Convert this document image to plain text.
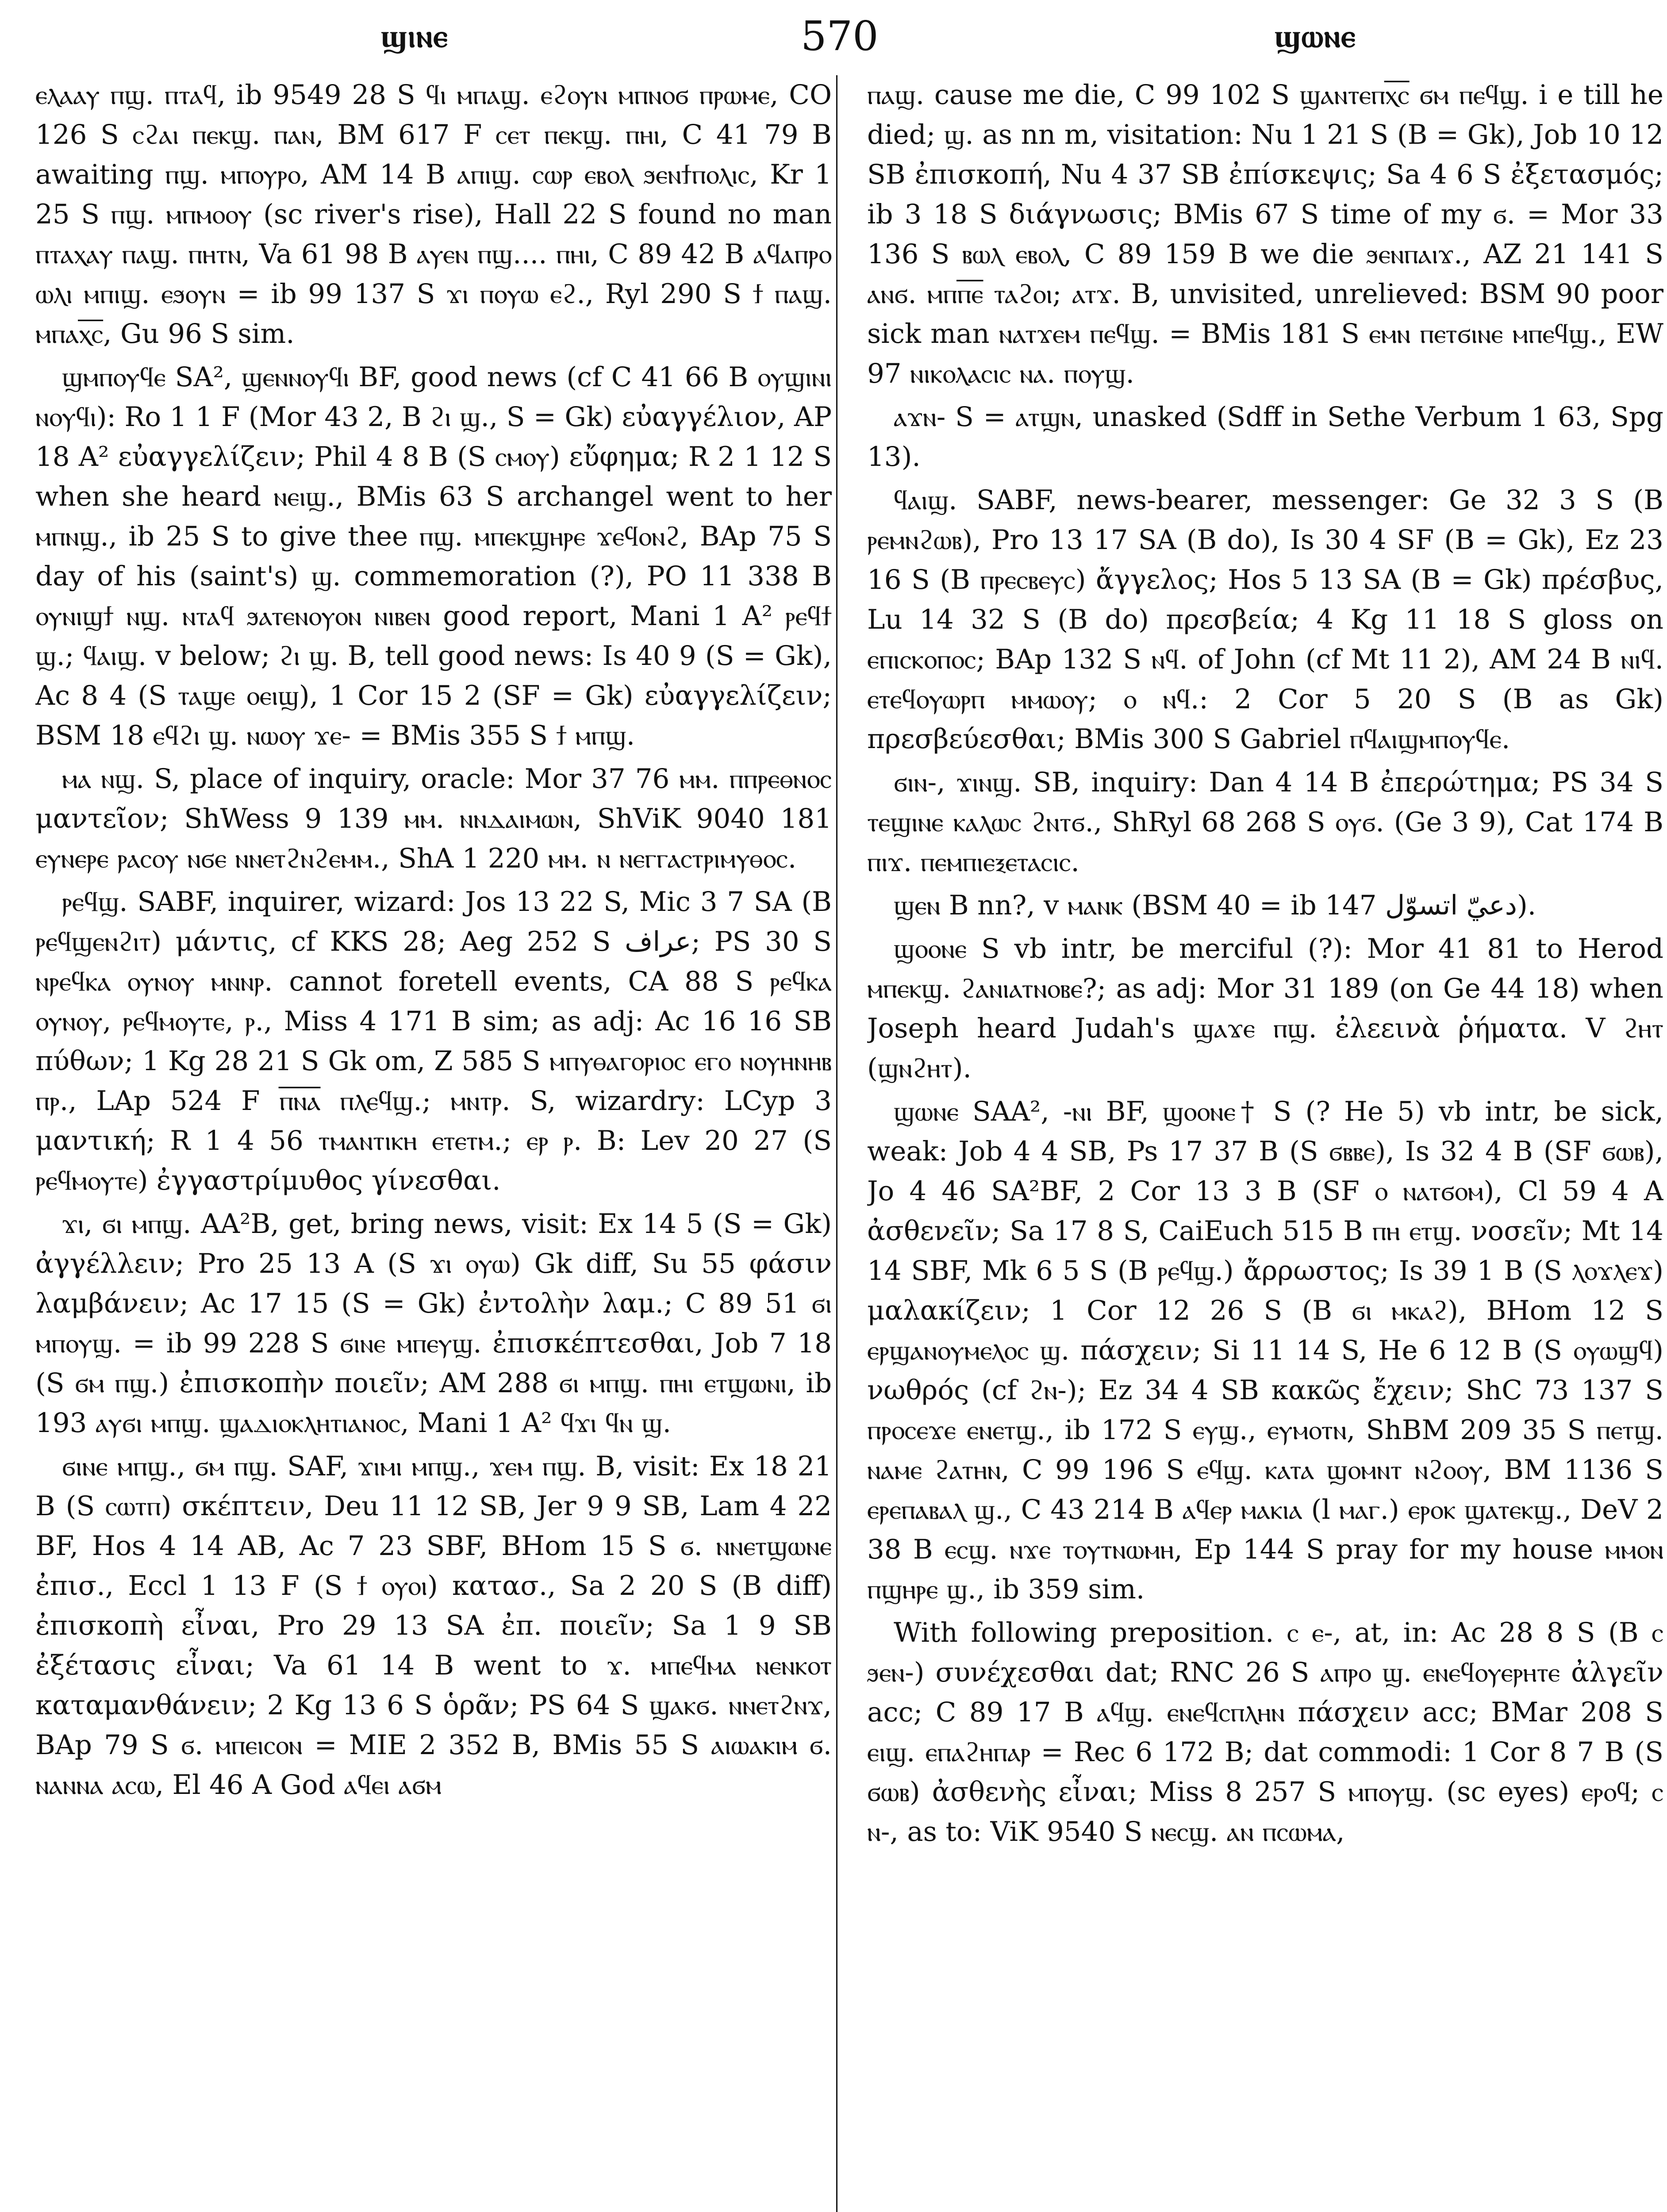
ϣⲓⲛⲉ	570	ϣⲱⲛⲉ

ⲉⲗⲁⲁⲩ ⲡϣ. ⲡⲧⲁϥ, ib 9549 28 S ϥⲓ ⲙⲡⲁϣ. ⲉϩⲟⲩⲛ ⲙⲡⲛⲟϭ ⲡⲣⲱⲙⲉ, CO 126 S ⲥϩⲁⲓ ⲡⲉⲕϣ. ⲡⲁⲛ, BM 617 F ⲥⲉⲧ ⲡⲉⲕϣ. ⲡⲏⲓ, C 41 79 B awaiting ⲡϣ. ⲙⲡⲟⲩⲣⲟ, AM 14 B ⲁⲡⲓϣ. ⲥⲱⲣ ⲉⲃⲟⲗ ϧⲉⲛϯⲡⲟⲗⲓⲥ, Kr 1 25 S ⲡϣ. ⲙⲡⲙⲟⲟⲩ (sc river's rise), Hall 22 S found no man ⲡⲧⲁⲭⲁⲩ ⲡⲁϣ. ⲡⲏⲧⲛ, Va 61 98 B ⲁⲩⲉⲛ ⲡϣ.... ⲡⲏⲓ, C 89 42 B ⲁϥⲁⲡⲣⲟ ⲱⲗⲓ ⲙⲡⲓϣ. ⲉϧⲟⲩⲛ = ib 99 137 S ϫⲓ ⲡⲟⲩⲱ ⲉϩ., Ryl 290 S ϯ ⲡⲁϣ. ⲙⲡⲁⲭ︦ⲥ︦, Gu 96 S sim.

ϣⲙⲡⲟⲩϥⲉ SA², ϣⲉⲛⲛⲟⲩϥⲓ BF, good news (cf C 41 66 B ⲟⲩϣⲓⲛⲓ ⲛⲟⲩϥⲓ): Ro 1 1 F (Mor 43 2, B ϩⲓ ϣ., S = Gk) εὐαγγέλιον, AP 18 A² εὐαγγελίζειν; Phil 4 8 B (S ⲥⲙⲟⲩ) εὔφημα; R 2 1 12 S when she heard ⲛⲉⲓϣ., BMis 63 S archangel went to her ⲙⲡⲛϣ., ib 25 S to give thee ⲡϣ. ⲙⲡⲉⲕϣⲏⲣⲉ ϫⲉϥⲟⲛϩ, BAp 75 S day of his (saint's) ϣ. commemoration (?), PO 11 338 B ⲟⲩⲛⲓϣϯ ⲛϣ. ⲛⲧⲁϥ ϧⲁⲧⲉⲛⲟⲩⲟⲛ ⲛⲓⲃⲉⲛ good report, Mani 1 A² ⲣⲉϥϯ ϣ.; ϥⲁⲓϣ. v below; ϩⲓ ϣ. B, tell good news: Is 40 9 (S = Gk), Ac 8 4 (S ⲧⲁϣⲉ ⲟⲉⲓϣ), 1 Cor 15 2 (SF = Gk) εὐαγγελίζειν; BSM 18 ⲉϥϩⲓ ϣ. ⲛⲱⲟⲩ ϫⲉ- = BMis 355 S ϯ ⲙⲡϣ.

ⲙⲁ ⲛϣ. S, place of inquiry, oracle: Mor 37 76 ⲙⲙ. ⲡⲡⲣⲉⲑⲛⲟⲥ μαντεῖον; ShWess 9 139 ⲙⲙ. ⲛⲛⲇⲁⲓⲙⲱⲛ, ShViK 9040 181 ⲉⲩⲛⲉⲣⲉ ⲣⲁⲥⲟⲩ ⲛϭⲉ ⲛⲛⲉⲧϩⲛϩⲉⲙⲙ., ShA 1 220 ⲙⲙ. ⲛ ⲛⲉⲅⲅⲁⲥⲧⲣⲓⲙⲩⲑⲟⲥ.

ⲣⲉϥϣ. SABF, inquirer, wizard: Jos 13 22 S, Mic 3 7 SA (B ⲣⲉϥϣⲉⲛϩⲓⲧ) μάντις, cf KKS 28; Aeg 252 S عراف; PS 30 S ⲛⲣⲉϥⲕⲁ ⲟⲩⲛⲟⲩ ⲙⲛⲛⲣ. cannot foretell events, CA 88 S ⲣⲉϥⲕⲁ ⲟⲩⲛⲟⲩ, ⲣⲉϥⲙⲟⲩⲧⲉ, ⲣ., Miss 4 171 B sim; as adj: Ac 16 16 SB πύθων; 1 Kg 28 21 S Gk om, Z 585 S ⲙⲡⲩⲑⲁⲅⲟⲣⲓⲟⲥ ⲉⲅⲟ ⲛⲟⲩⲏⲛⲏⲃ ⲡⲣ., LAp 524 F ⲡ︦ⲛ︦ⲁ︦ ⲡⲗⲉϥϣ.; ⲙⲛⲧⲣ. S, wizardry: LCyp 3 μαντική; R 1 4 56 ⲧⲙⲁⲛⲧⲓⲕⲏ ⲉⲧⲉⲧⲙ.; ⲉⲣ ⲣ. B: Lev 20 27 (S ⲣⲉϥⲙⲟⲩⲧⲉ) ἐγγαστρίμυθος γίνεσθαι.

ϫⲓ, ϭⲓ ⲙⲡϣ. AA²B, get, bring news, visit: Ex 14 5 (S = Gk) ἀγγέλλειν; Pro 25 13 A (S ϫⲓ ⲟⲩⲱ) Gk diff, Su 55 φάσιν λαμβάνειν; Ac 17 15 (S = Gk) ἐντολὴν λαμ.; C 89 51 ϭⲓ ⲙⲡⲟⲩϣ. = ib 99 228 S ϭⲓⲛⲉ ⲙⲡⲉⲩϣ. ἐπισκέπτεσθαι, Job 7 18 (S ϭⲙ ⲡϣ.) ἐπισκοπὴν ποιεῖν; AM 288 ϭⲓ ⲙⲡϣ. ⲡⲏⲓ ⲉⲧϣⲱⲛⲓ, ib 193 ⲁⲩϭⲓ ⲙⲡϣ. ϣⲁⲇⲓⲟⲕⲗⲏⲧⲓⲁⲛⲟⲥ, Mani 1 A² ϥϫⲓ ϥⲛ ϣ.

ϭⲓⲛⲉ ⲙⲡϣ., ϭⲙ ⲡϣ. SAF, ϫⲓⲙⲓ ⲙⲡϣ., ϫⲉⲙ ⲡϣ. B, visit: Ex 18 21 B (S ⲥⲱⲧⲡ) σκέπτειν, Deu 11 12 SB, Jer 9 9 SB, Lam 4 22 BF, Hos 4 14 AB, Ac 7 23 SBF, BHom 15 S ϭ. ⲛⲛⲉⲧϣⲱⲛⲉ ἐπισ., Eccl 1 13 F (S ϯ ⲟⲩⲟⲓ) κατασ., Sa 2 20 S (B diff) ἐπισκοπὴ εἶναι, Pro 29 13 SA ἐπ. ποιεῖν; Sa 1 9 SB ἐξέτασις εἶναι; Va 61 14 B went to ϫ. ⲙⲡⲉϥⲙⲁ ⲛⲉⲛⲕⲟⲧ καταμανθάνειν; 2 Kg 13 6 S ὁρᾶν; PS 64 S ϣⲁⲕϭ. ⲛⲛⲉⲧϩⲛϫ, BAp 79 S ϭ. ⲙⲡⲉⲓⲥⲟⲛ = MIE 2 352 B, BMis 55 S ⲁⲓⲱⲁⲕⲓⲙ ϭ. ⲛⲁⲛⲛⲁ ⲁⲥⲱ, El 46 A God ⲁϥⲉⲓ ⲁϭⲙ

ⲡⲁϣ. cause me die, C 99 102 S ϣⲁⲛⲧⲉⲡⲭ︦ⲥ︦ ϭⲙ ⲡⲉϥϣ. i e till he died; ϣ. as nn m, visitation: Nu 1 21 S (B = Gk), Job 10 12 SB ἐπισκοπή, Nu 4 37 SB ἐπίσκεψις; Sa 4 6 S ἐξετασμός; ib 3 18 S διάγνωσις; BMis 67 S time of my ϭ. = Mor 33 136 S ⲃⲱⲗ ⲉⲃⲟⲗ, C 89 159 B we die ϧⲉⲛⲡⲁⲓϫ., AZ 21 141 S ⲁⲛϭ. ⲙⲡⲡ︦ⲉ︦ ⲧⲁϩⲟⲓ; ⲁⲧϫ. B, unvisited, unrelieved: BSM 90 poor sick man ⲛⲁⲧϫⲉⲙ ⲡⲉϥϣ. = BMis 181 S ⲉⲙⲛ ⲡⲉⲧϭⲓⲛⲉ ⲙⲡⲉϥϣ., EW 97 ⲛⲓⲕⲟⲗⲁⲥⲓⲥ ⲛⲁ. ⲡⲟⲩϣ.

ⲁϫⲛ- S = ⲁⲧϣⲛ, unasked (Sdff in Sethe Verbum 1 63, Spg 13).

ϥⲁⲓϣ. SABF, news-bearer, messenger: Ge 32 3 S (B ⲣⲉⲙⲛϩⲱⲃ), Pro 13 17 SA (B do), Is 30 4 SF (B = Gk), Ez 23 16 S (B ⲡⲣⲉⲥⲃⲉⲩⲥ) ἄγγελος; Hos 5 13 SA (B = Gk) πρέσβυς, Lu 14 32 S (B do) πρεσβεία; 4 Kg 11 18 S gloss on ⲉⲡⲓⲥⲕⲟⲡⲟⲥ; BAp 132 S ⲛϥ. of John (cf Mt 11 2), AM 24 B ⲛⲓϥ. ⲉⲧⲉϥⲟⲩⲱⲣⲡ ⲙⲙⲱⲟⲩ; ⲟ ⲛϥ.: 2 Cor 5 20 S (B as Gk) πρεσβεύεσθαι; BMis 300 S Gabriel ⲡϥⲁⲓϣⲙⲡⲟⲩϥⲉ.

ϭⲓⲛ-, ϫⲓⲛϣ. SB, inquiry: Dan 4 14 B ἐπερώτημα; PS 34 S ⲧⲉϣⲓⲛⲉ ⲕⲁⲗⲱⲥ ϩⲛⲧϭ., ShRyl 68 268 S ⲟⲩϭ. (Ge 3 9), Cat 174 B ⲡⲓϫ. ⲡⲉⲙⲡⲓⲉⲝⲉⲧⲁⲥⲓⲥ.

ϣⲉⲛ B nn?, v ⲙⲁⲛⲕ (BSM 40 = ib 147 دعيّ اتسوّل).

ϣⲟⲟⲛⲉ S vb intr, be merciful (?): Mor 41 81 to Herod ⲙⲡⲉⲕϣ. ϩⲁⲛⲓⲁⲧⲛⲟⲃⲉ?; as adj: Mor 31 189 (on Ge 44 18) when Joseph heard Judah's ϣⲁϫⲉ ⲡϣ. ἐλεεινὰ ῥήματα. V ϩⲏⲧ (ϣⲛϩⲏⲧ).

ϣⲱⲛⲉ SAA², -ⲛⲓ BF, ϣⲟⲟⲛⲉ† S (? He 5) vb intr, be sick, weak: Job 4 4 SB, Ps 17 37 B (S ϭⲃⲃⲉ), Is 32 4 B (SF ϭⲱⲃ), Jo 4 46 SA²BF, 2 Cor 13 3 B (SF ⲟ ⲛⲁⲧϭⲟⲙ), Cl 59 4 A ἀσθενεῖν; Sa 17 8 S, CaiEuch 515 B ⲡⲏ ⲉⲧϣ. νοσεῖν; Mt 14 14 SBF, Mk 6 5 S (B ⲣⲉϥϣ.) ἄρρωστος; Is 39 1 B (S ⲗⲟϫⲗⲉϫ) μαλακίζειν; 1 Cor 12 26 S (B ϭⲓ ⲙⲕⲁϩ), BHom 12 S ⲉⲣϣⲁⲛⲟⲩⲙⲉⲗⲟⲥ ϣ. πάσχειν; Si 11 14 S, He 6 12 B (S ⲟⲩⲱϣϥ) νωθρός (cf ϩⲛ-); Ez 34 4 SB κακῶς ἔχειν; ShC 73 137 S ⲡⲣⲟⲥⲉϫⲉ ⲉⲛⲉⲧϣ., ib 172 S ⲉⲩϣ., ⲉⲩⲙⲟⲧⲛ, ShBM 209 35 S ⲡⲉⲧϣ. ⲛⲁⲙⲉ ϩⲁⲧⲏⲛ, C 99 196 S ⲉϥϣ. ⲕⲁⲧⲁ ϣⲟⲙⲛⲧ ⲛϩⲟⲟⲩ, BM 1136 S ⲉⲣⲉⲡⲁⲃⲁⲗ ϣ., C 43 214 B ⲁϥⲉⲣ ⲙⲁⲕⲓⲁ (l ⲙⲁⲅ.) ⲉⲣⲟⲕ ϣⲁⲧⲉⲕϣ., DeV 2 38 B ⲉⲥϣ. ⲛϫⲉ ⲧⲟⲩⲧⲛⲱⲙⲏ, Ep 144 S pray for my house ⲙⲙⲟⲛ ⲡϣⲏⲣⲉ ϣ., ib 359 sim.

With following preposition. ⲥ ⲉ-, at, in: Ac 28 8 S (B ⲥ ϧⲉⲛ-) συνέχεσθαι dat; RNC 26 S ⲁⲡⲣⲟ ϣ. ⲉⲛⲉϥⲟⲩⲉⲣⲏⲧⲉ ἀλγεῖν acc; C 89 17 B ⲁϥϣ. ⲉⲛⲉϥⲥⲡⲗⲏⲛ πάσχειν acc; BMar 208 S ⲉⲓϣ. ⲉⲡⲁϩⲏⲡⲁⲣ = Rec 6 172 B; dat commodi: 1 Cor 8 7 B (S ϭⲱⲃ) ἀσθενὴς εἶναι; Miss 8 257 S ⲙⲡⲟⲩϣ. (sc eyes) ⲉⲣⲟϥ; ⲥ ⲛ-, as to: ViK 9540 S ⲛⲉⲥϣ. ⲁⲛ ⲡⲥⲱⲙⲁ,
